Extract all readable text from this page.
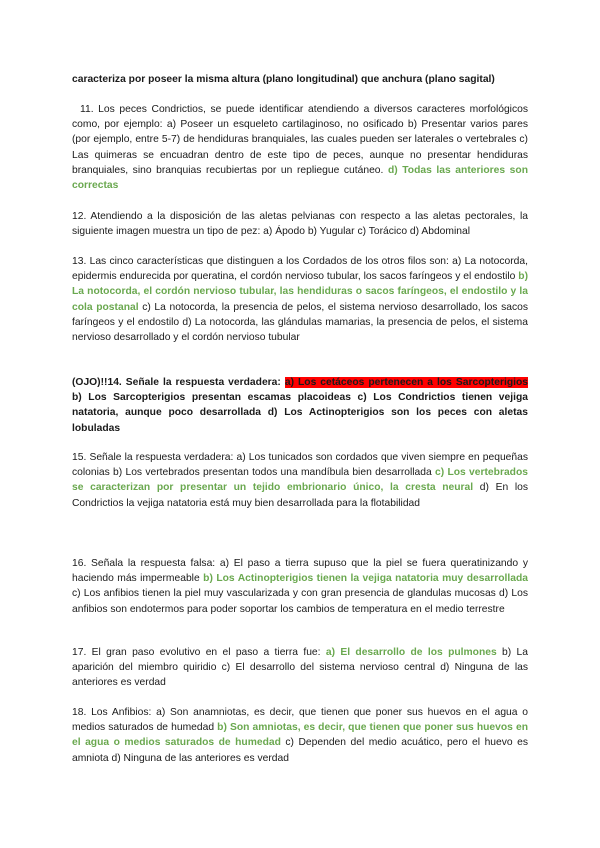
caracteriza por poseer la misma altura (plano longitudinal) que anchura (plano sagital)

11. Los peces Condrictios, se puede identificar atendiendo a diversos caracteres morfológicos como, por ejemplo: a) Poseer un esqueleto cartilaginoso, no osificado b) Presentar varios pares (por ejemplo, entre 5-7) de hendiduras branquiales, las cuales pueden ser laterales o vertebrales c) Las quimeras se encuadran dentro de este tipo de peces, aunque no presentar hendiduras branquiales, sino branquias recubiertas por un repliegue cutáneo. d) Todas las anteriores son correctas

12. Atendiendo a la disposición de las aletas pelvianas con respecto a las aletas pectorales, la siguiente imagen muestra un tipo de pez: a) Ápodo b) Yugular c) Torácico d) Abdominal

13. Las cinco características que distinguen a los Cordados de los otros filos son: a) La notocorda, epidermis endurecida por queratina, el cordón nervioso tubular, los sacos faríngeos y el endostilo b) La notocorda, el cordón nervioso tubular, las hendiduras o sacos faríngeos, el endostilo y la cola postanal c) La notocorda, la presencia de pelos, el sistema nervioso desarrollado, los sacos faríngeos y el endostilo d) La notocorda, las glándulas mamarias, la presencia de pelos, el sistema nervioso desarrollado y el cordón nervioso tubular

(OJO)!!14. Señale la respuesta verdadera: a) Los cetáceos pertenecen a los Sarcopterigios b) Los Sarcopterigios presentan escamas placoideas c) Los Condrictios tienen vejiga natatoria, aunque poco desarrollada d) Los Actinopterigios son los peces con aletas lobuladas

15. Señale la respuesta verdadera: a) Los tunicados son cordados que viven siempre en pequeñas colonias b) Los vertebrados presentan todos una mandíbula bien desarrollada c) Los vertebrados se caracterizan por presentar un tejido embrionario único, la cresta neural d) En los Condrictios la vejiga natatoria está muy bien desarrollada para la flotabilidad

16. Señala la respuesta falsa: a) El paso a tierra supuso que la piel se fuera queratinizando y haciendo más impermeable b) Los Actinopterigios tienen la vejiga natatoria muy desarrollada c) Los anfibios tienen la piel muy vascularizada y con gran presencia de glandulas mucosas d) Los anfibios son endotermos para poder soportar los cambios de temperatura en el medio terrestre

17. El gran paso evolutivo en el paso a tierra fue: a) El desarrollo de los pulmones b) La aparición del miembro quiridio c) El desarrollo del sistema nervioso central d) Ninguna de las anteriores es verdad

18. Los Anfibios: a) Son anamniotas, es decir, que tienen que poner sus huevos en el agua o medios saturados de humedad b) Son amniotas, es decir, que tienen que poner sus huevos en el agua o medios saturados de humedad c) Dependen del medio acuático, pero el huevo es amniota d) Ninguna de las anteriores es verdad
